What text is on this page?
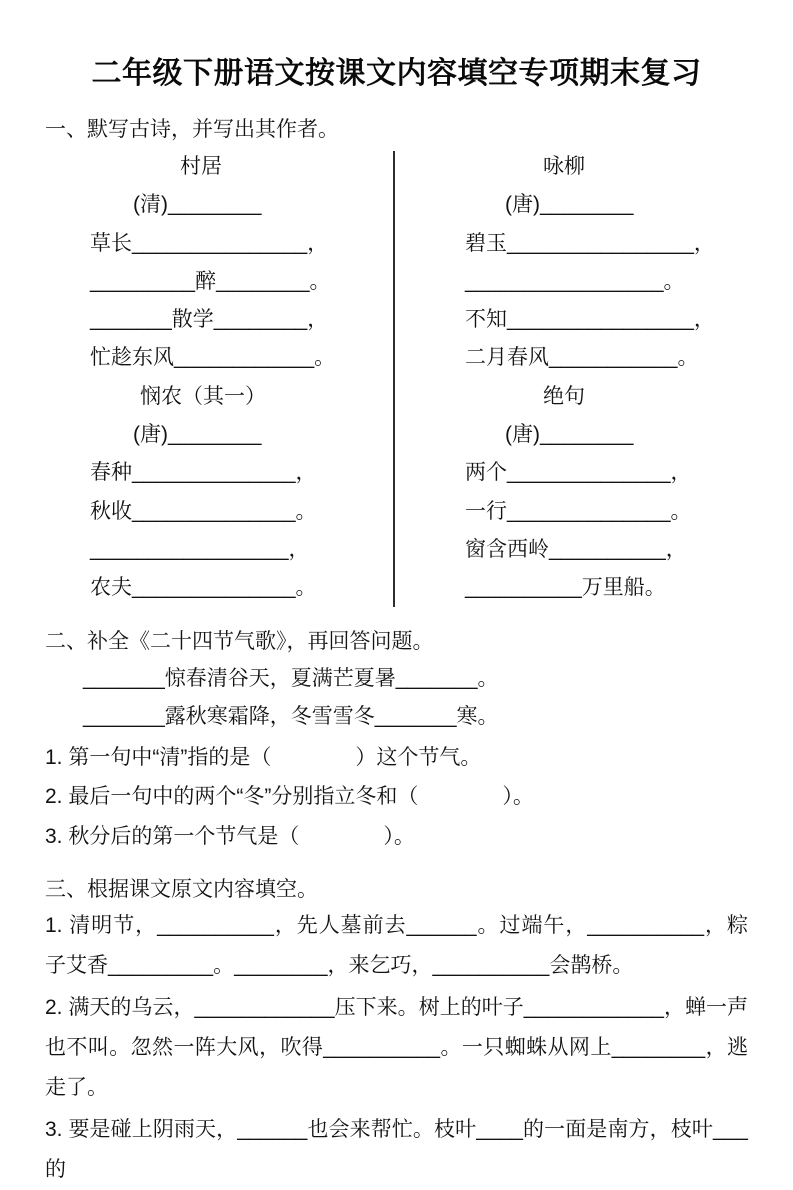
二年级下册语文按课文内容填空专项期末复习
一、默写古诗，并写出其作者。
村居
(清)________
草长_______________，
_________醉________。
_______散学________，
忙趁东风____________。
悯农（其一）
(唐)________
春种______________，
秋收______________。
_________________，
农夫______________。
咏柳
(唐)________
碧玉________________，
_________________。
不知________________，
二月春风___________。
绝句
(唐)________
两个______________，
一行______________。
窗含西岭__________，
__________万里船。
二、补全《二十四节气歌》，再回答问题。
_______惊春清谷天，夏满芒夏暑_______。
_______露秋寒霜降，冬雪雪冬_______寒。
1. 第一句中“清”指的是（　　　　）这个节气。
2. 最后一句中的两个“冬”分别指立冬和（　　　　）。
3. 秋分后的第一个节气是（　　　　）。
三、根据课文原文内容填空。

1. 清明节，__________，先人墓前去______。过端午，__________，粽子艾香_________。________，来乞巧，__________会鹊桥。

2. 满天的乌云，____________压下来。树上的叶子____________，蝉一声也不叫。忽然一阵大风，吹得__________。一只蜘蛛从网上________，逃走了。

3. 要是碰上阴雨天，______也会来帮忙。枝叶____的一面是南方，枝叶___的
